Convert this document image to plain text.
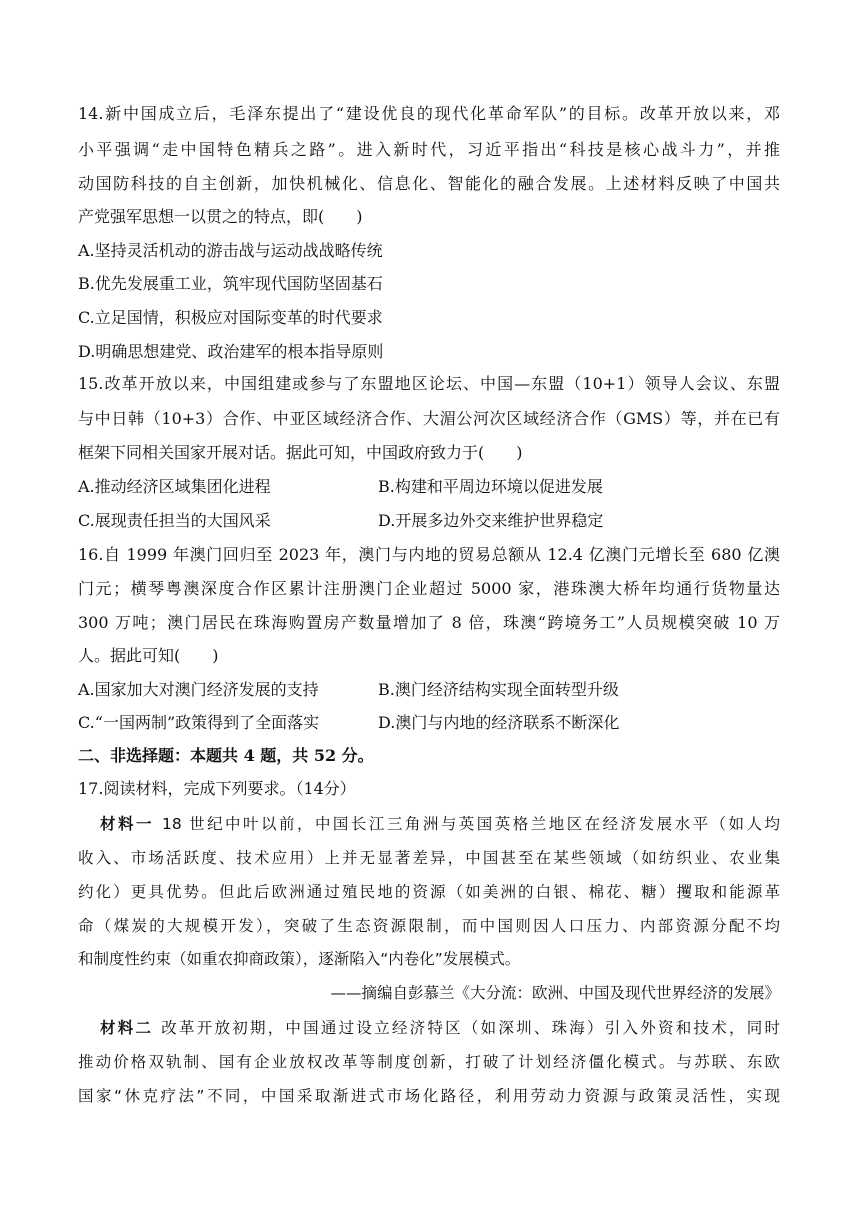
14.新中国成立后，毛泽东提出了“建设优良的现代化革命军队”的目标。改革开放以来，邓

小平强调“走中国特色精兵之路”。进入新时代，习近平指出“科技是核心战斗力”，并推

动国防科技的自主创新，加快机械化、信息化、智能化的融合发展。上述材料反映了中国共

产党强军思想一以贯之的特点，即(　　)

A.坚持灵活机动的游击战与运动战战略传统

B.优先发展重工业，筑牢现代国防坚固基石

C.立足国情，积极应对国际变革的时代要求

D.明确思想建党、政治建军的根本指导原则

15.改革开放以来，中国组建或参与了东盟地区论坛、中国—东盟（10+1）领导人会议、东盟

与中日韩（10+3）合作、中亚区域经济合作、大湄公河次区域经济合作（GMS）等，并在已有

框架下同相关国家开展对话。据此可知，中国政府致力于(　　)

A.推动经济区域集团化进程	B.构建和平周边环境以促进发展

C.展现责任担当的大国风采	D.开展多边外交来维护世界稳定

16.自 1999 年澳门回归至 2023 年，澳门与内地的贸易总额从 12.4 亿澳门元增长至 680 亿澳

门元；横琴粤澳深度合作区累计注册澳门企业超过 5000 家，港珠澳大桥年均通行货物量达

300 万吨；澳门居民在珠海购置房产数量增加了 8 倍，珠澳“跨境务工”人员规模突破 10 万

人。据此可知(　　)

A.国家加大对澳门经济发展的支持	B.澳门经济结构实现全面转型升级

C.“一国两制”政策得到了全面落实	D.澳门与内地的经济联系不断深化

二、非选择题：本题共 4 题，共 52 分。

17.阅读材料，完成下列要求。（14分）

材料一 18 世纪中叶以前，中国长江三角洲与英国英格兰地区在经济发展水平（如人均

收入、市场活跃度、技术应用）上并无显著差异，中国甚至在某些领域（如纺织业、农业集

约化）更具优势。但此后欧洲通过殖民地的资源（如美洲的白银、棉花、糖）攫取和能源革

命（煤炭的大规模开发），突破了生态资源限制，而中国则因人口压力、内部资源分配不均

和制度性约束（如重农抑商政策），逐渐陷入“内卷化”发展模式。

——摘编自彭慕兰《大分流：欧洲、中国及现代世界经济的发展》

材料二 改革开放初期，中国通过设立经济特区（如深圳、珠海）引入外资和技术，同时

推动价格双轨制、国有企业放权改革等制度创新，打破了计划经济僵化模式。与苏联、东欧

国家“休克疗法”不同，中国采取渐进式市场化路径，利用劳动力资源与政策灵活性，实现
